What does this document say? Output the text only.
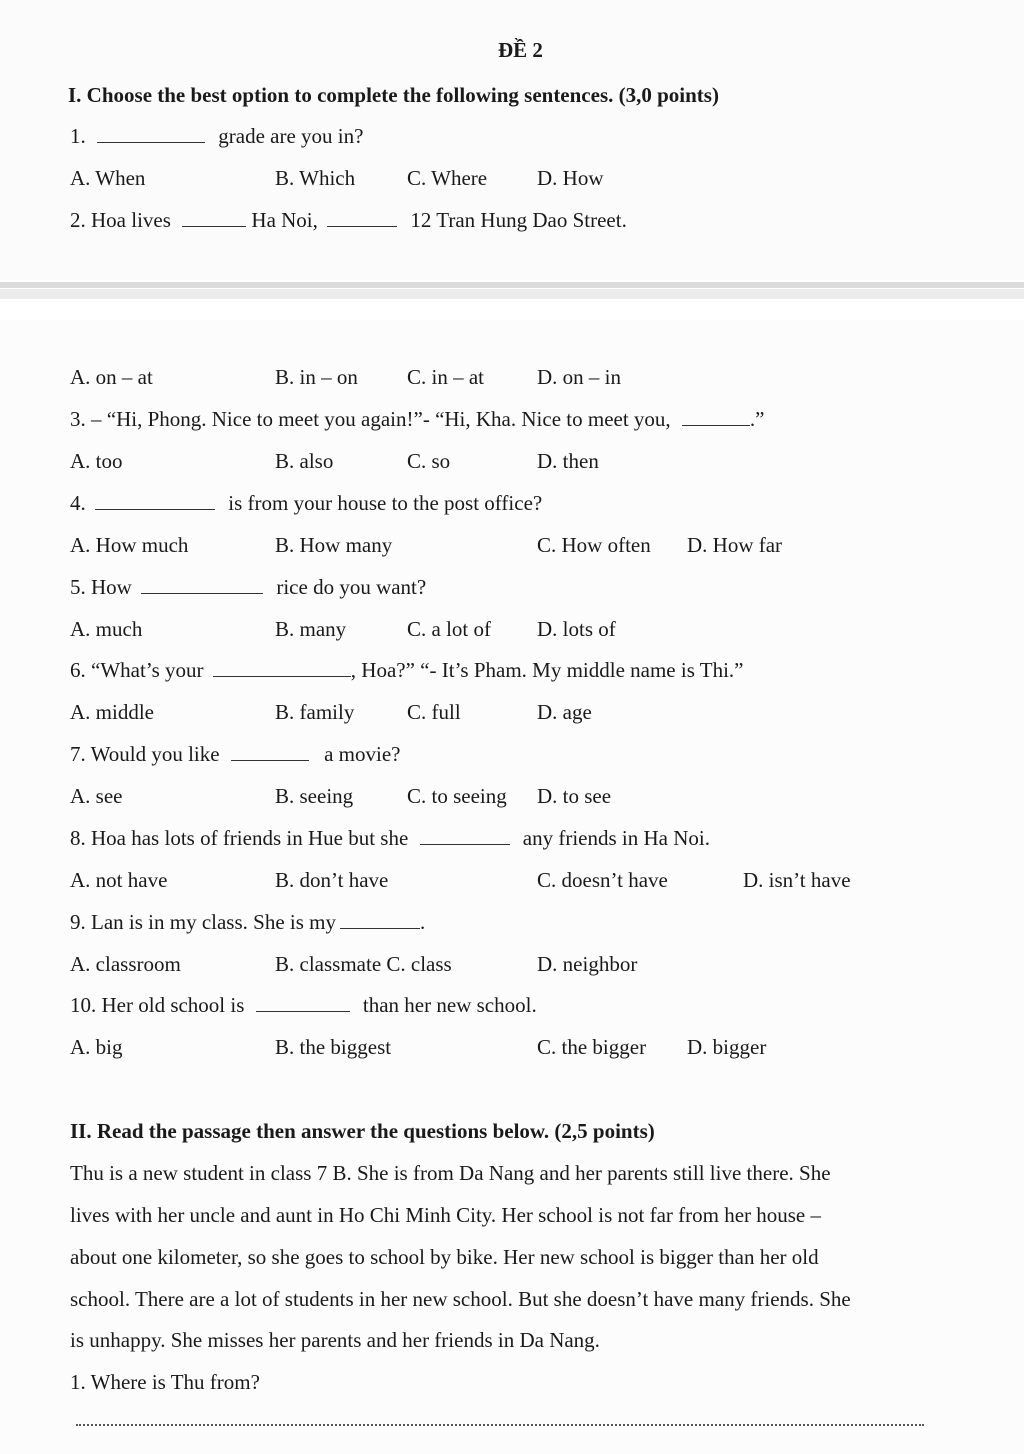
ĐỀ 2
I. Choose the best option to complete the following sentences. (3,0 points)
1.	grade are you in?
A. When	B. Which C. Where D. How
2. Hoa lives	Ha Noi,	12 Tran Hung Dao Street.
A. on – at	B. in – on C. in – at	D. on – in
3. – “Hi, Phong. Nice to meet you again!”- “Hi, Kha. Nice to meet you,	.”
A. too	B. also	C. so	D. then
4.	is from your house to the post office?
A. How much	B. How many	C. How often D. How far
5. How	rice do you want?
A. much	B. many	C. a lot of D. lots of
6. “What’s your	, Hoa?” “- It’s Pham. My middle name is Thi.”
A. middle	B. family	C. full	D. age
7. Would you like	a movie?
A. see	B. seeing	C. to seeing D. to see
8. Hoa has lots of friends in Hue but she	any friends in Ha Noi.
A. not have	B. don’t have	C. doesn’t have	D. isn’t have
9. Lan is in my class. She is my	.
A. classroom	B. classmate C. class	D. neighbor
10. Her old school is	than her new school.
A. big	B. the biggest	C. the bigger D. bigger
II. Read the passage then answer the questions below. (2,5 points)
Thu is a new student in class 7 B. She is from Da Nang and her parents still live there. She
lives with her uncle and aunt in Ho Chi Minh City. Her school is not far from her house –
about one kilometer, so she goes to school by bike. Her new school is bigger than her old
school. There are a lot of students in her new school. But she doesn’t have many friends. She
is unhappy. She misses her parents and her friends in Da Nang.
1. Where is Thu from?
